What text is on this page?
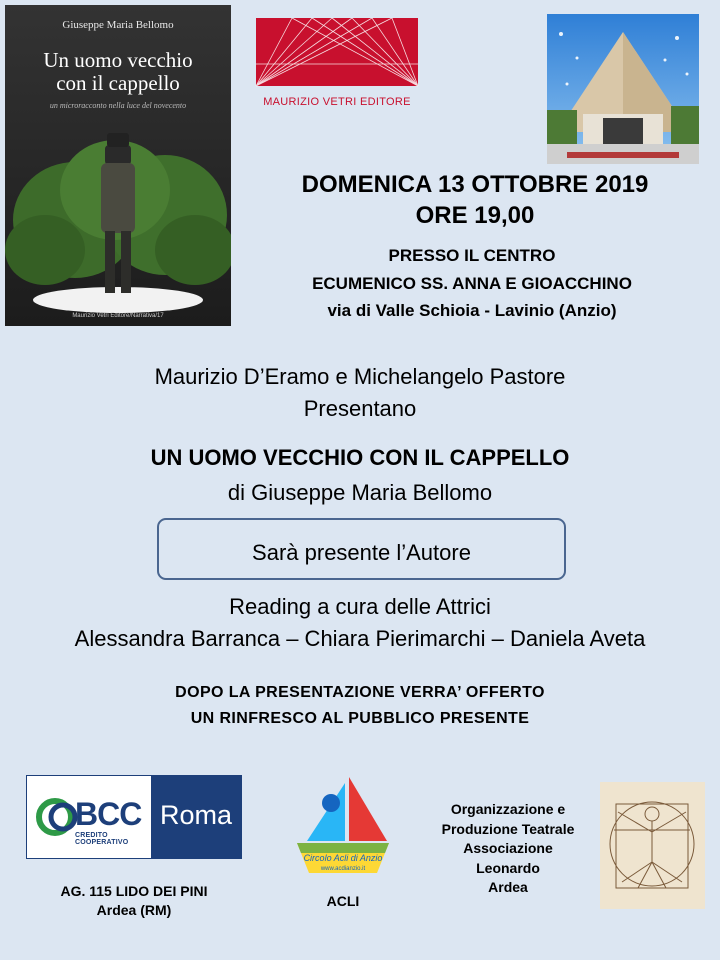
Giuseppe Maria Bellomo
Un uomo vecchio
con il cappello
un microracconto nella luce del novecento
Maurizio Vetri Editore/Narrativa/17
MAURIZIO VETRI EDITORE
DOMENICA 13 OTTOBRE 2019
ORE 19,00
PRESSO IL CENTRO
ECUMENICO SS. ANNA E GIOACCHINO
via di Valle Schioia - Lavinio (Anzio)
Maurizio D’Eramo e Michelangelo Pastore
Presentano
UN UOMO VECCHIO CON IL CAPPELLO
di Giuseppe Maria Bellomo
Sarà presente l’Autore
Reading a cura delle Attrici
Alessandra Barranca – Chiara Pierimarchi – Daniela Aveta
DOPO LA PRESENTAZIONE VERRA’ OFFERTO
UN RINFRESCO AL PUBBLICO PRESENTE
BCC
CREDITO COOPERATIVO
Roma
AG. 115 LIDO DEI PINI
Ardea (RM)
Circolo Acli di Anzio
www.acdianzio.it
ACLI
Organizzazione e
Produzione Teatrale
Associazione
Leonardo
Ardea
